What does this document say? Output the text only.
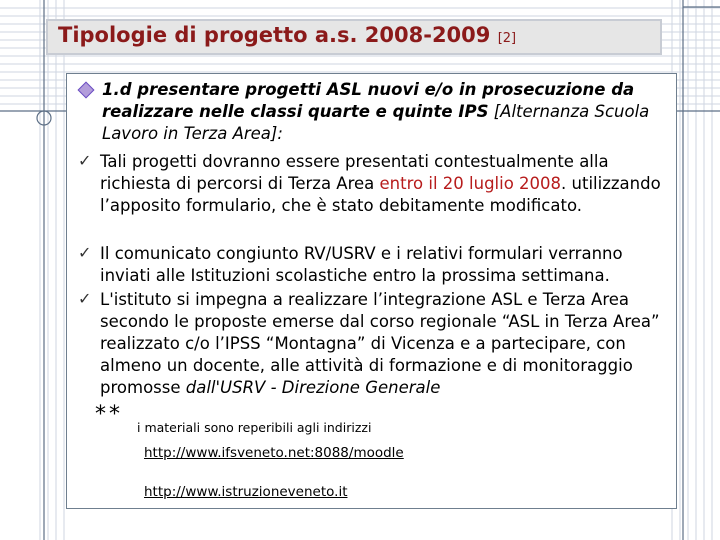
Tipologie di progetto a.s. 2008-2009 [2]
1.d presentare progetti ASL nuovi e/o in prosecuzione da realizzare nelle classi quarte e quinte IPS [Alternanza Scuola Lavoro in Terza Area]:
✓ Tali progetti dovranno essere presentati contestualmente alla richiesta di percorsi di Terza Area entro il 20 luglio 2008. utilizzando l’apposito formulario, che è stato debitamente modificato.
✓ Il comunicato congiunto RV/USRV e i relativi formulari verranno inviati alle Istituzioni scolastiche entro la prossima settimana.
✓ L'istituto si impegna a realizzare l’integrazione ASL e Terza Area secondo le proposte emerse dal corso regionale “ASL in Terza Area” realizzato c/o l’IPSS “Montagna” di Vicenza e a partecipare, con almeno un docente, alle attività di formazione e di monitoraggio promosse dall'USRV - Direzione Generale
**
i materiali sono reperibili agli indirizzi
http://www.ifsveneto.net:8088/moodle
http://www.istruzioneveneto.it
